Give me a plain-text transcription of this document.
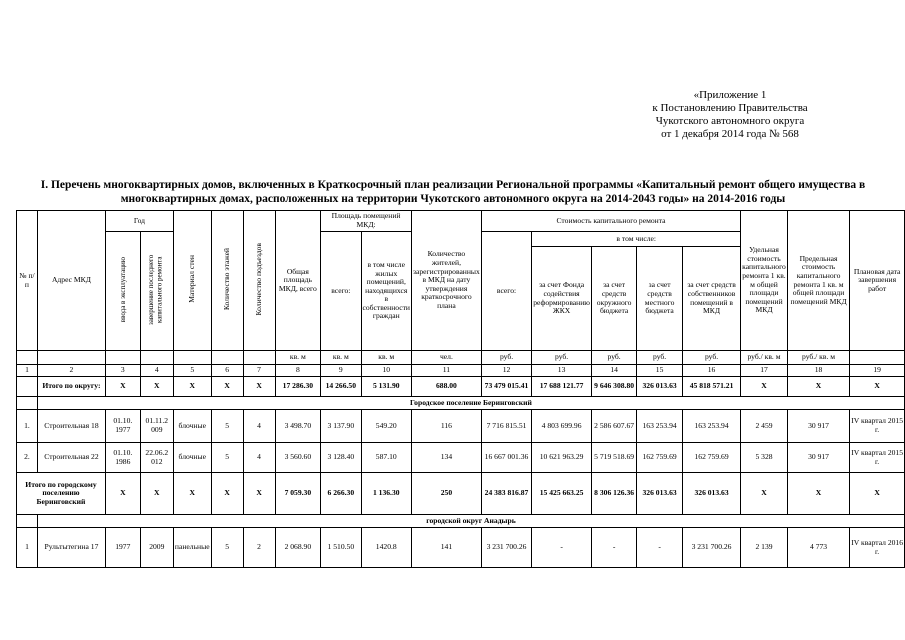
«Приложение 1
к Постановлению Правительства
Чукотского автономного округа
от 1 декабря 2014 года № 568
I. Перечень многоквартирных домов, включенных в Краткосрочный план реализации Региональной программы «Капитальный ремонт общего имущества в многоквартирных домах, расположенных на территории Чукотского автономного округа на 2014-2043 годы» на 2014-2016 годы
№ п/п	Адрес МКД	Год		Материал стен	Количество этажей	Количество подъездов	Общая площадь МКД, всего	Площадь помещений МКД:		Количество жителей, зарегистрированных в МКД на дату утверждения краткосрочного плана	Стоимость капитального ремонта					Удельная стоимость капитального ремонта 1 кв. м общей площади помещений МКД	Предельная стоимость капитального ремонта 1 кв. м общей площади помещений МКД	Плановая дата завершения работ
		ввода в эксплуатацию	завершение последнего капитального ремонта					всего:	в том числе жилых помещений, находящихся в собственности граждан		всего:	в том числе:						
												за счет Фонда содействия реформированию ЖКХ	за счет средств окружного бюджета	за счет средств местного бюджета	за счет средств собственников помещений в МКД			
							кв. м	кв. м	кв. м	чел.	руб.	руб.	руб.	руб.	руб.	руб./ кв. м	руб./ кв. м	
1	2	3	4	5	6	7	8	9	10	11	12	13	14	15	16	17	18	19
	Итого по округу:	X	X	X	X	X	17 286.30	14 266.50	5 131.90	688.00	73 479 015.41	17 688 121.77	9 646 308.80	326 013.63	45 818 571.21	X	X	X
	Городское поселение Беринговский																	
1.	Строительная 18	01.10. 1977	01.11.2 009	блочные	5	4	3 498.70	3 137.90	549.20	116	7 716 815.51	4 803 699.96	2 586 607.67	163 253.94	163 253.94	2 459	30 917	IV квартал 2015 г.
2.	Строительная 22	01.10. 1986	22.06.2 012	блочные	5	4	3 560.60	3 128.40	587.10	134	16 667 001.36	10 621 963.29	5 719 518.69	162 759.69	162 759.69	5 328	30 917	IV квартал 2015 г.
Итого по городскому поселению Беринговский		X	X	X	X	X	7 059.30	6 266.30	1 136.30	250	24 383 816.87	15 425 663.25	8 306 126.36	326 013.63	326 013.63	X	X	X
	городской округ Анадырь																	
1	Рультытегина 17	1977	2009	панельные	5	2	2 068.90	1 510.50	1420.8	141	3 231 700.26	-	-	-	3 231 700.26	2 139	4 773	IV квартал 2016 г.
